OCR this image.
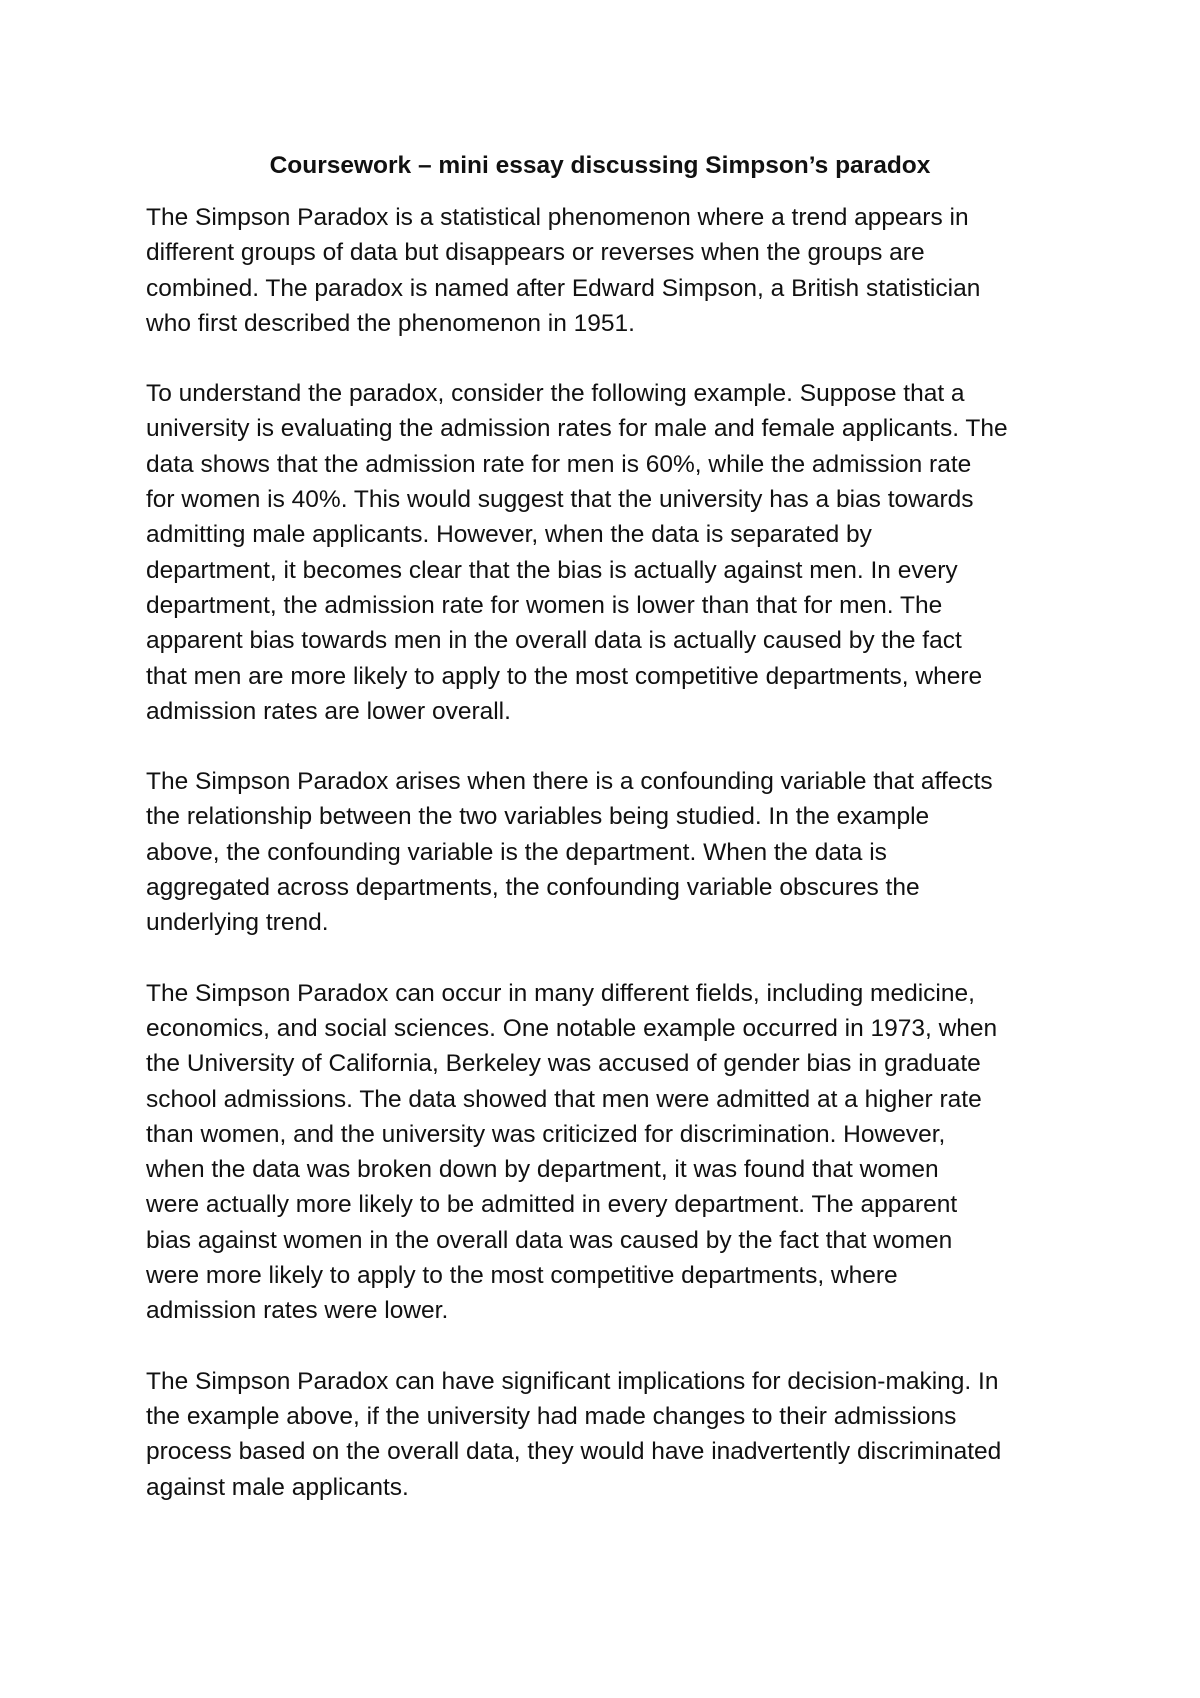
Coursework – mini essay discussing Simpson’s paradox
The Simpson Paradox is a statistical phenomenon where a trend appears in
different groups of data but disappears or reverses when the groups are
combined. The paradox is named after Edward Simpson, a British statistician
who first described the phenomenon in 1951.
To understand the paradox, consider the following example. Suppose that a
university is evaluating the admission rates for male and female applicants. The
data shows that the admission rate for men is 60%, while the admission rate
for women is 40%. This would suggest that the university has a bias towards
admitting male applicants. However, when the data is separated by
department, it becomes clear that the bias is actually against men. In every
department, the admission rate for women is lower than that for men. The
apparent bias towards men in the overall data is actually caused by the fact
that men are more likely to apply to the most competitive departments, where
admission rates are lower overall.
The Simpson Paradox arises when there is a confounding variable that affects
the relationship between the two variables being studied. In the example
above, the confounding variable is the department. When the data is
aggregated across departments, the confounding variable obscures the
underlying trend.
The Simpson Paradox can occur in many different fields, including medicine,
economics, and social sciences. One notable example occurred in 1973, when
the University of California, Berkeley was accused of gender bias in graduate
school admissions. The data showed that men were admitted at a higher rate
than women, and the university was criticized for discrimination. However,
when the data was broken down by department, it was found that women
were actually more likely to be admitted in every department. The apparent
bias against women in the overall data was caused by the fact that women
were more likely to apply to the most competitive departments, where
admission rates were lower.
The Simpson Paradox can have significant implications for decision-making. In
the example above, if the university had made changes to their admissions
process based on the overall data, they would have inadvertently discriminated
against male applicants.
